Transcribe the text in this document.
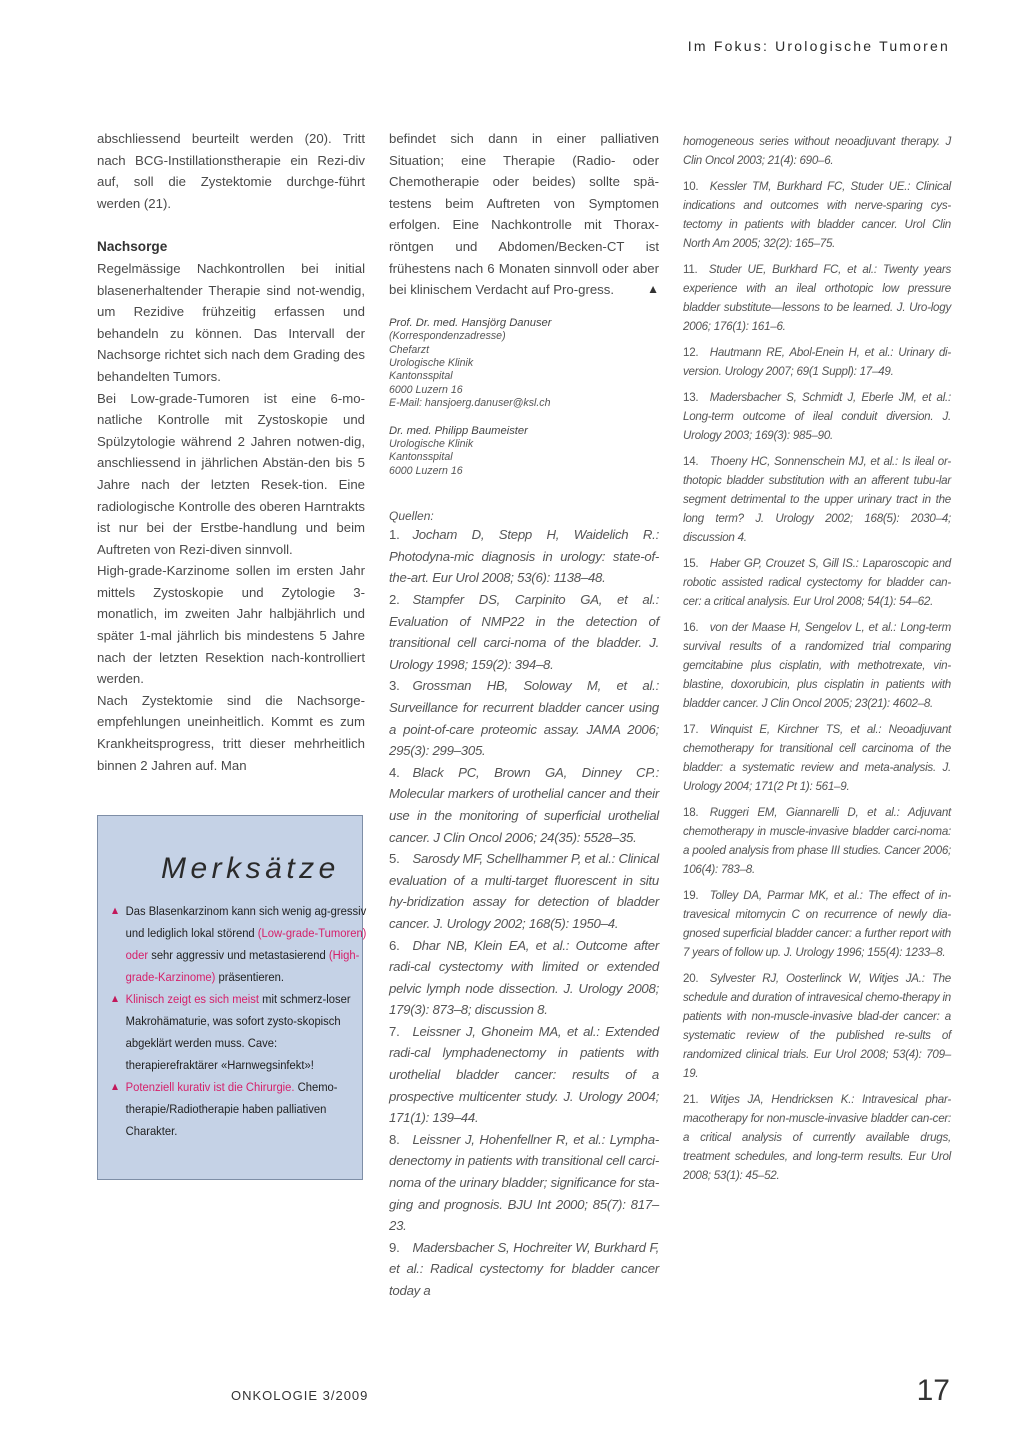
Im Fokus: Urologische Tumoren

abschliessend beurteilt werden (20). Tritt nach BCG-Instillationstherapie ein Rezi-div auf, soll die Zystektomie durchge-führt werden (21).

Nachsorge

Regelmässige Nachkontrollen bei initial blasenerhaltender Therapie sind not-wendig, um Rezidive frühzeitig erfassen und behandeln zu können. Das Intervall der Nachsorge richtet sich nach dem Grading des behandelten Tumors.

Bei Low-grade-Tumoren ist eine 6-mo-natliche Kontrolle mit Zystoskopie und Spülzytologie während 2 Jahren notwen-dig, anschliessend in jährlichen Abstän-den bis 5 Jahre nach der letzten Resek-tion. Eine radiologische Kontrolle des oberen Harntrakts ist nur bei der Erstbe-handlung und beim Auftreten von Rezi-diven sinnvoll.

High-grade-Karzinome sollen im ersten Jahr mittels Zystoskopie und Zytologie 3-monatlich, im zweiten Jahr halbjährlich und später 1-mal jährlich bis mindestens 5 Jahre nach der letzten Resektion nach-kontrolliert werden.

Nach Zystektomie sind die Nachsorge-empfehlungen uneinheitlich. Kommt es zum Krankheitsprogress, tritt dieser mehrheitlich binnen 2 Jahren auf. Man

Merksätze
▲ Das Blasenkarzinom kann sich wenig ag-gressiv und lediglich lokal störend (Low-grade-Tumoren) oder sehr aggressiv und metastasierend (High-grade-Karzinome) präsentieren.
▲ Klinisch zeigt es sich meist mit schmerz-loser Makrohämaturie, was sofort zysto-skopisch abgeklärt werden muss. Cave: therapierefraktärer «Harnwegsinfekt»!
▲ Potenziell kurativ ist die Chirurgie. Chemo-therapie/Radiotherapie haben palliativen Charakter.

befindet sich dann in einer palliativen Situation; eine Therapie (Radio- oder Chemotherapie oder beides) sollte spä-testens beim Auftreten von Symptomen erfolgen. Eine Nachkontrolle mit Thorax-röntgen und Abdomen/Becken-CT ist frühestens nach 6 Monaten sinnvoll oder aber bei klinischem Verdacht auf Pro-gress.	▲

Prof. Dr. med. Hansjörg Danuser
(Korrespondenzadresse)
Chefarzt
Urologische Klinik
Kantonsspital
6000 Luzern 16
E-Mail: hansjoerg.danuser@ksl.ch
Dr. med. Philipp Baumeister
Urologische Klinik
Kantonsspital
6000 Luzern 16
Quellen:

1.  Jocham D, Stepp H, Waidelich R.: Photodyna-mic diagnosis in urology: state-of-the-art. Eur Urol 2008; 53(6): 1138–48.

2.  Stampfer DS, Carpinito GA, et al.: Evaluation of NMP22 in the detection of transitional cell carci-noma of the bladder. J. Urology 1998; 159(2): 394–8.

3.  Grossman HB, Soloway M, et al.: Surveillance for recurrent bladder cancer using a point-of-care proteomic assay. JAMA 2006; 295(3): 299–305.

4.  Black PC, Brown GA, Dinney CP.: Molecular markers of urothelial cancer and their use in the monitoring of superficial urothelial cancer. J Clin Oncol 2006; 24(35): 5528–35.

5.  Sarosdy MF, Schellhammer P, et al.: Clinical evaluation of a multi-target fluorescent in situ hy-bridization assay for detection of bladder cancer. J. Urology 2002; 168(5): 1950–4.

6.  Dhar NB, Klein EA, et al.: Outcome after radi-cal cystectomy with limited or extended pelvic lymph node dissection. J. Urology 2008; 179(3): 873–8; discussion 8.

7.  Leissner J, Ghoneim MA, et al.: Extended radi-cal lymphadenectomy in patients with urothelial bladder cancer: results of a prospective multicenter study. J. Urology 2004; 171(1): 139–44.

8.  Leissner J, Hohenfellner R, et al.: Lympha-denectomy in patients with transitional cell carci-noma of the urinary bladder; significance for sta-ging and prognosis. BJU Int 2000; 85(7): 817–23.

9.  Madersbacher S, Hochreiter W, Burkhard F, et al.: Radical cystectomy for bladder cancer today a

homogeneous series without neoadjuvant therapy. J Clin Oncol 2003; 21(4): 690–6.

10.  Kessler TM, Burkhard FC, Studer UE.: Clinical indications and outcomes with nerve-sparing cys-tectomy in patients with bladder cancer. Urol Clin North Am 2005; 32(2): 165–75.

11.  Studer UE, Burkhard FC, et al.: Twenty years experience with an ileal orthotopic low pressure bladder substitute—lessons to be learned. J. Uro-logy 2006; 176(1): 161–6.

12.  Hautmann RE, Abol-Enein H, et al.: Urinary di-version. Urology 2007; 69(1 Suppl): 17–49.

13.  Madersbacher S, Schmidt J, Eberle JM, et al.: Long-term outcome of ileal conduit diversion. J. Urology 2003; 169(3): 985–90.

14.  Thoeny HC, Sonnenschein MJ, et al.: Is ileal or-thotopic bladder substitution with an afferent tubu-lar segment detrimental to the upper urinary tract in the long term? J. Urology 2002; 168(5): 2030–4; discussion 4.

15.  Haber GP, Crouzet S, Gill IS.: Laparoscopic and robotic assisted radical cystectomy for bladder can-cer: a critical analysis. Eur Urol 2008; 54(1): 54–62.

16.  von der Maase H, Sengelov L, et al.: Long-term survival results of a randomized trial comparing gemcitabine plus cisplatin, with methotrexate, vin-blastine, doxorubicin, plus cisplatin in patients with bladder cancer. J Clin Oncol 2005; 23(21): 4602–8.

17.  Winquist E, Kirchner TS, et al.: Neoadjuvant chemotherapy for transitional cell carcinoma of the bladder: a systematic review and meta-analysis. J. Urology 2004; 171(2 Pt 1): 561–9.

18.  Ruggeri EM, Giannarelli D, et al.: Adjuvant chemotherapy in muscle-invasive bladder carci-noma: a pooled analysis from phase III studies. Cancer 2006; 106(4): 783–8.

19.  Tolley DA, Parmar MK, et al.: The effect of in-travesical mitomycin C on recurrence of newly dia-gnosed superficial bladder cancer: a further report with 7 years of follow up. J. Urology 1996; 155(4): 1233–8.

20.  Sylvester RJ, Oosterlinck W, Witjes JA.: The schedule and duration of intravesical chemo-therapy in patients with non-muscle-invasive blad-der cancer: a systematic review of the published re-sults of randomized clinical trials. Eur Urol 2008; 53(4): 709–19.

21.  Witjes JA, Hendricksen K.: Intravesical phar-macotherapy for non-muscle-invasive bladder can-cer: a critical analysis of currently available drugs, treatment schedules, and long-term results. Eur Urol 2008; 53(1): 45–52.

ONKOLOGIE 3/2009	17
